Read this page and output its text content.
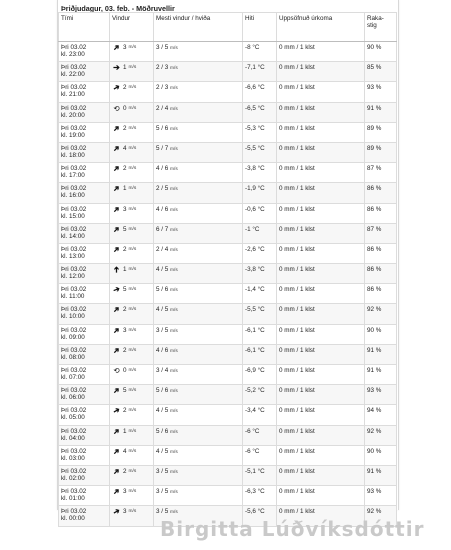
Þriðjudagur, 03. feb. - Möðruvellir
Tími	Vindur	Mesti vindur / hviða	Hiti	Uppsöfnuð úrkoma	Raka-
stig
Þri 03.02
kl. 23:00	➔ 3 m/s	3 / 5 m/s	-8 °C	0 mm / 1 klst	90 %
Þri 03.02
kl. 22:00	➔ 1 m/s	2 / 3 m/s	-7,1 °C	0 mm / 1 klst	85 %
Þri 03.02
kl. 21:00	➔ 2 m/s	2 / 3 m/s	-6,6 °C	0 mm / 1 klst	93 %
Þri 03.02
kl. 20:00	⟲ 0 m/s	2 / 4 m/s	-6,5 °C	0 mm / 1 klst	91 %
Þri 03.02
kl. 19:00	➔ 2 m/s	5 / 6 m/s	-5,3 °C	0 mm / 1 klst	89 %
Þri 03.02
kl. 18:00	➔ 4 m/s	5 / 7 m/s	-5,5 °C	0 mm / 1 klst	89 %
Þri 03.02
kl. 17:00	➔ 2 m/s	4 / 6 m/s	-3,8 °C	0 mm / 1 klst	87 %
Þri 03.02
kl. 16:00	➔ 1 m/s	2 / 5 m/s	-1,9 °C	0 mm / 1 klst	86 %
Þri 03.02
kl. 15:00	➔ 3 m/s	4 / 6 m/s	-0,6 °C	0 mm / 1 klst	86 %
Þri 03.02
kl. 14:00	➔ 5 m/s	6 / 7 m/s	-1 °C	0 mm / 1 klst	87 %
Þri 03.02
kl. 13:00	➔ 2 m/s	2 / 4 m/s	-2,6 °C	0 mm / 1 klst	86 %
Þri 03.02
kl. 12:00	➔ 1 m/s	4 / 5 m/s	-3,8 °C	0 mm / 1 klst	86 %
Þri 03.02
kl. 11:00	➔ 5 m/s	5 / 6 m/s	-1,4 °C	0 mm / 1 klst	86 %
Þri 03.02
kl. 10:00	➔ 2 m/s	4 / 5 m/s	-5,5 °C	0 mm / 1 klst	92 %
Þri 03.02
kl. 09:00	➔ 3 m/s	3 / 5 m/s	-6,1 °C	0 mm / 1 klst	90 %
Þri 03.02
kl. 08:00	➔ 2 m/s	4 / 6 m/s	-6,1 °C	0 mm / 1 klst	91 %
Þri 03.02
kl. 07:00	⟲ 0 m/s	3 / 4 m/s	-6,9 °C	0 mm / 1 klst	91 %
Þri 03.02
kl. 06:00	➔ 5 m/s	5 / 6 m/s	-5,2 °C	0 mm / 1 klst	93 %
Þri 03.02
kl. 05:00	➔ 2 m/s	4 / 5 m/s	-3,4 °C	0 mm / 1 klst	94 %
Þri 03.02
kl. 04:00	➔ 1 m/s	5 / 6 m/s	-6 °C	0 mm / 1 klst	92 %
Þri 03.02
kl. 03:00	➔ 4 m/s	4 / 5 m/s	-6 °C	0 mm / 1 klst	90 %
Þri 03.02
kl. 02:00	➔ 2 m/s	3 / 5 m/s	-5,1 °C	0 mm / 1 klst	91 %
Þri 03.02
kl. 01:00	➔ 3 m/s	3 / 5 m/s	-6,3 °C	0 mm / 1 klst	93 %
Þri 03.02
kl. 00:00	➔ 3 m/s	3 / 5 m/s	-5,6 °C	0 mm / 1 klst	92 %
Birgitta Lúðvíksdóttir
